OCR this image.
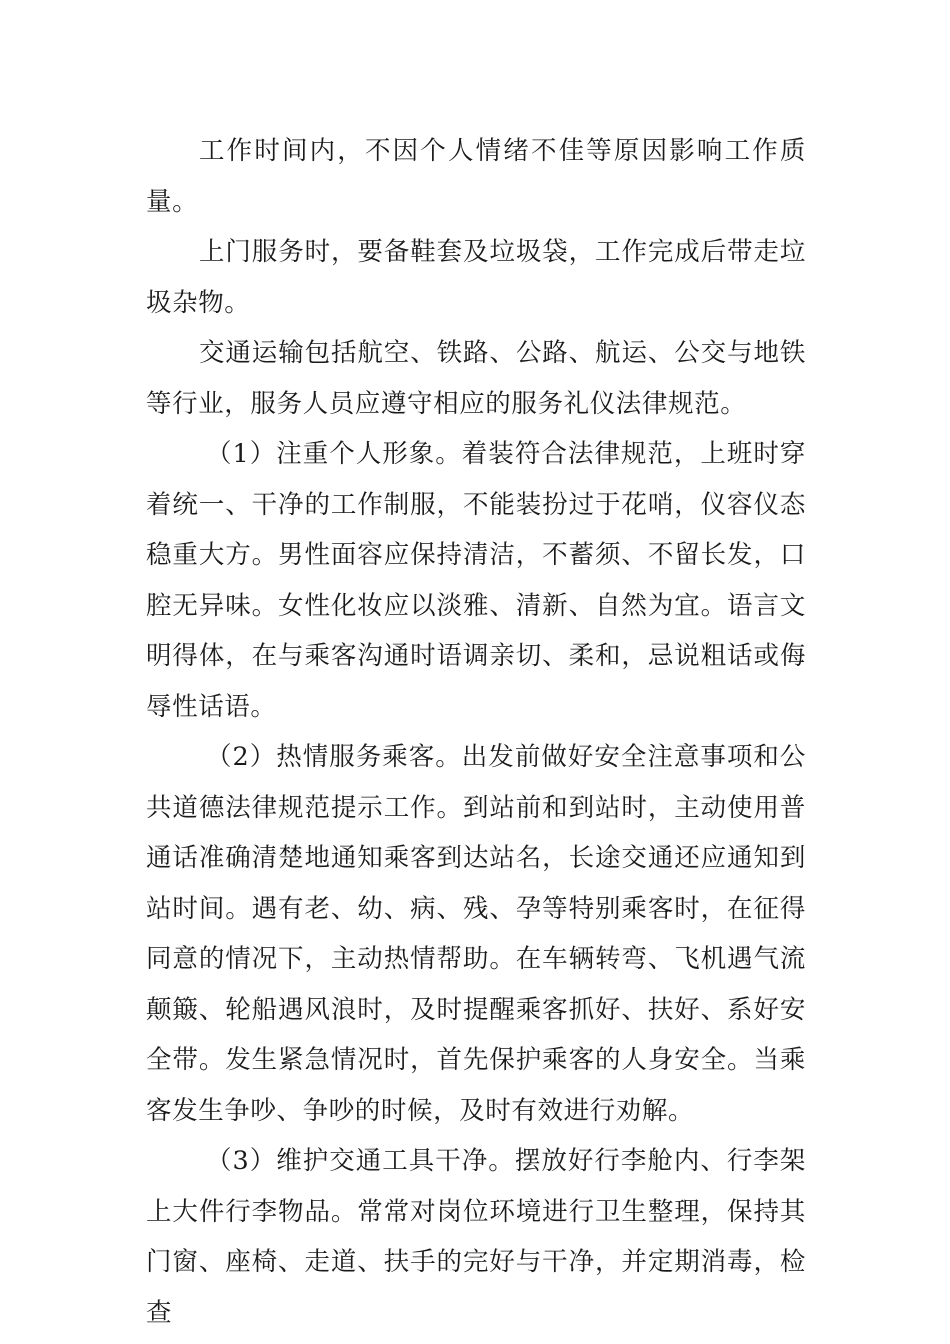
工作时间内，不因个人情绪不佳等原因影响工作质量。

上门服务时，要备鞋套及垃圾袋，工作完成后带走垃圾杂物。

交通运输包括航空、铁路、公路、航运、公交与地铁等行业，服务人员应遵守相应的服务礼仪法律规范。

（1）注重个人形象。着装符合法律规范，上班时穿着统一、干净的工作制服，不能装扮过于花哨，仪容仪态稳重大方。男性面容应保持清洁，不蓄须、不留长发，口腔无异味。女性化妆应以淡雅、清新、自然为宜。语言文明得体，在与乘客沟通时语调亲切、柔和，忌说粗话或侮辱性话语。

（2）热情服务乘客。出发前做好安全注意事项和公共道德法律规范提示工作。到站前和到站时，主动使用普通话准确清楚地通知乘客到达站名，长途交通还应通知到站时间。遇有老、幼、病、残、孕等特别乘客时，在征得同意的情况下，主动热情帮助。在车辆转弯、飞机遇气流颠簸、轮船遇风浪时，及时提醒乘客抓好、扶好、系好安全带。发生紧急情况时，首先保护乘客的人身安全。当乘客发生争吵、争吵的时候，及时有效进行劝解。

（3）维护交通工具干净。摆放好行李舱内、行李架上大件行李物品。常常对岗位环境进行卫生整理，保持其门窗、座椅、走道、扶手的完好与干净，并定期消毒，检查
